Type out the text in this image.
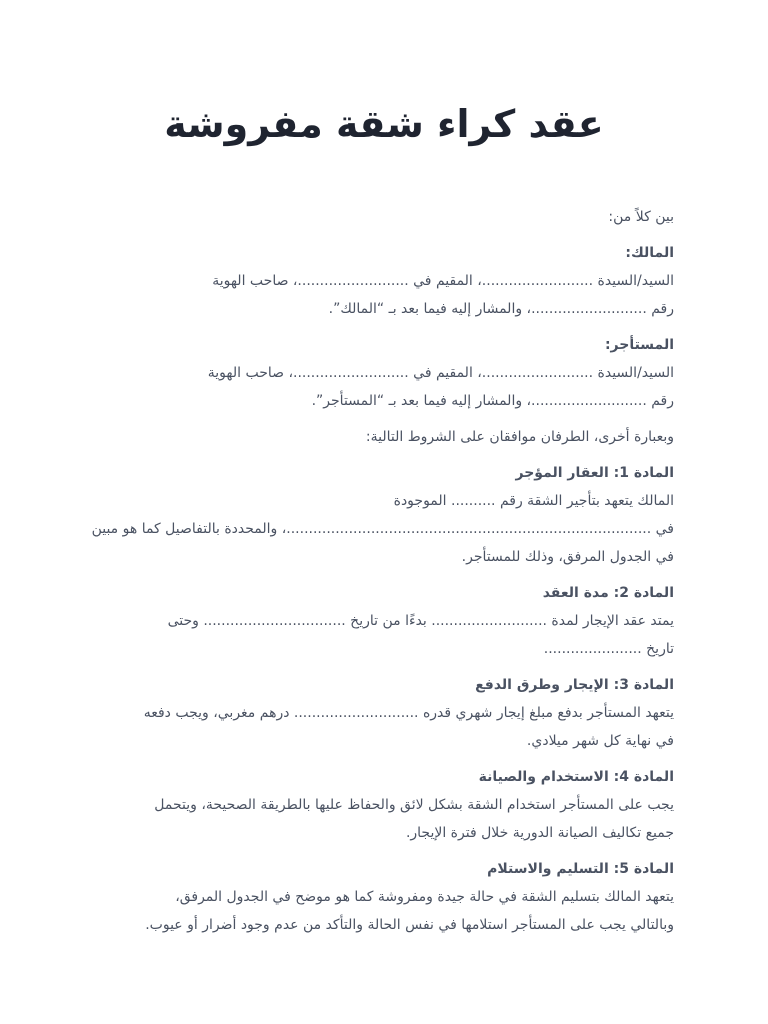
عقد كراء شقة مفروشة
بين كلاً من:
المالك:
السيد/السيدة .........................، المقيم في .........................، صاحب الهوية
رقم ..........................، والمشار إليه فيما بعد بـ “المالك”.
المستأجر:
السيد/السيدة .........................، المقيم في ..........................، صاحب الهوية
رقم ..........................، والمشار إليه فيما بعد بـ “المستأجر”.
وبعبارة أخرى، الطرفان موافقان على الشروط التالية:
المادة 1: العقار المؤجر
المالك يتعهد بتأجير الشقة رقم .......... الموجودة
في ..................................................................................، والمحددة بالتفاصيل كما هو مبين
في الجدول المرفق، وذلك للمستأجر.
المادة 2: مدة العقد
يمتد عقد الإيجار لمدة .......................... بدءًا من تاريخ ................................ وحتى
تاريخ ......................
المادة 3: الإيجار وطرق الدفع
يتعهد المستأجر بدفع مبلغ إيجار شهري قدره ............................ درهم مغربي، ويجب دفعه
في نهاية كل شهر ميلادي.
المادة 4: الاستخدام والصيانة
يجب على المستأجر استخدام الشقة بشكل لائق والحفاظ عليها بالطريقة الصحيحة، ويتحمل
جميع تكاليف الصيانة الدورية خلال فترة الإيجار.
المادة 5: التسليم والاستلام
يتعهد المالك بتسليم الشقة في حالة جيدة ومفروشة كما هو موضح في الجدول المرفق،
وبالتالي يجب على المستأجر استلامها في نفس الحالة والتأكد من عدم وجود أضرار أو عيوب.
